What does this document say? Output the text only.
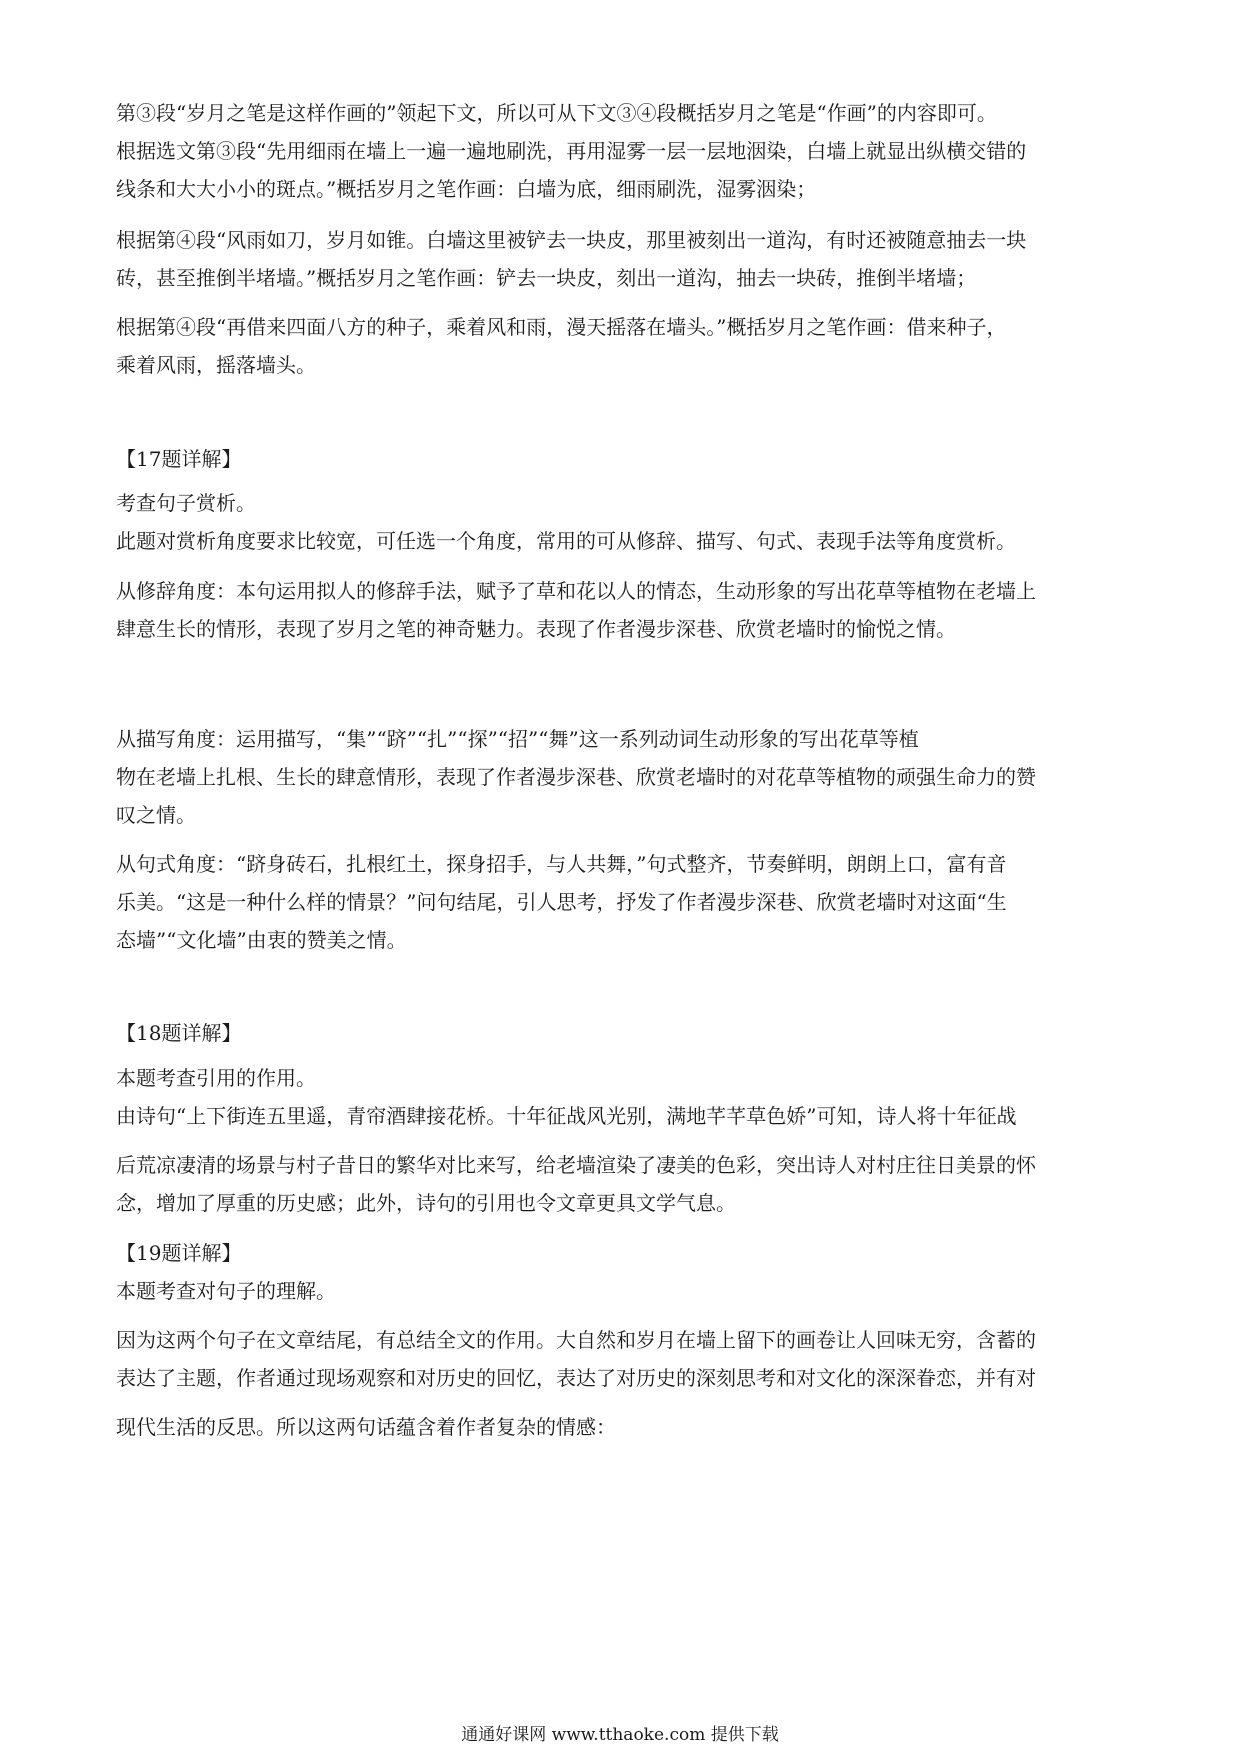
第③段“岁月之笔是这样作画的”领起下文，所以可从下文③④段概括岁月之笔是“作画”的内容即可。
根据选文第③段“先用细雨在墙上一遍一遍地刷洗，再用湿雾一层一层地洇染，白墙上就显出纵横交错的
线条和大大小小的斑点。”概括岁月之笔作画：白墙为底，细雨刷洗，湿雾洇染；
根据第④段“风雨如刀，岁月如锥。白墙这里被铲去一块皮，那里被刻出一道沟，有时还被随意抽去一块
砖，甚至推倒半堵墙。”概括岁月之笔作画：铲去一块皮，刻出一道沟，抽去一块砖，推倒半堵墙；
根据第④段“再借来四面八方的种子，乘着风和雨，漫天摇落在墙头。”概括岁月之笔作画：借来种子，
乘着风雨，摇落墙头。
【17题详解】
考查句子赏析。
此题对赏析角度要求比较宽，可任选一个角度，常用的可从修辞、描写、句式、表现手法等角度赏析。
从修辞角度：本句运用拟人的修辞手法，赋予了草和花以人的情态，生动形象的写出花草等植物在老墙上
肆意生长的情形，表现了岁月之笔的神奇魅力。表现了作者漫步深巷、欣赏老墙时的愉悦之情。
从描写角度：运用描写，“集”“跻”“扎”“探”“招”“舞”这一系列动词生动形象的写出花草等植
物在老墙上扎根、生长的肆意情形，表现了作者漫步深巷、欣赏老墙时的对花草等植物的顽强生命力的赞
叹之情。
从句式角度：“跻身砖石，扎根红土，探身招手，与人共舞，”句式整齐，节奏鲜明，朗朗上口，富有音
乐美。“这是一种什么样的情景？”问句结尾，引人思考，抒发了作者漫步深巷、欣赏老墙时对这面“生
态墙”“文化墙”由衷的赞美之情。
【18题详解】
本题考查引用的作用。
由诗句“上下街连五里遥，青帘酒肆接花桥。十年征战风光别，满地芊芊草色娇”可知，诗人将十年征战
后荒凉凄清的场景与村子昔日的繁华对比来写，给老墙渲染了凄美的色彩，突出诗人对村庄往日美景的怀
念，增加了厚重的历史感；此外，诗句的引用也令文章更具文学气息。
【19题详解】
本题考查对句子的理解。
因为这两个句子在文章结尾，有总结全文的作用。大自然和岁月在墙上留下的画卷让人回味无穷，含蓄的
表达了主题，作者通过现场观察和对历史的回忆，表达了对历史的深刻思考和对文化的深深眷恋，并有对
现代生活的反思。所以这两句话蕴含着作者复杂的情感：
通通好课网 www.tthaoke.com 提供下载
